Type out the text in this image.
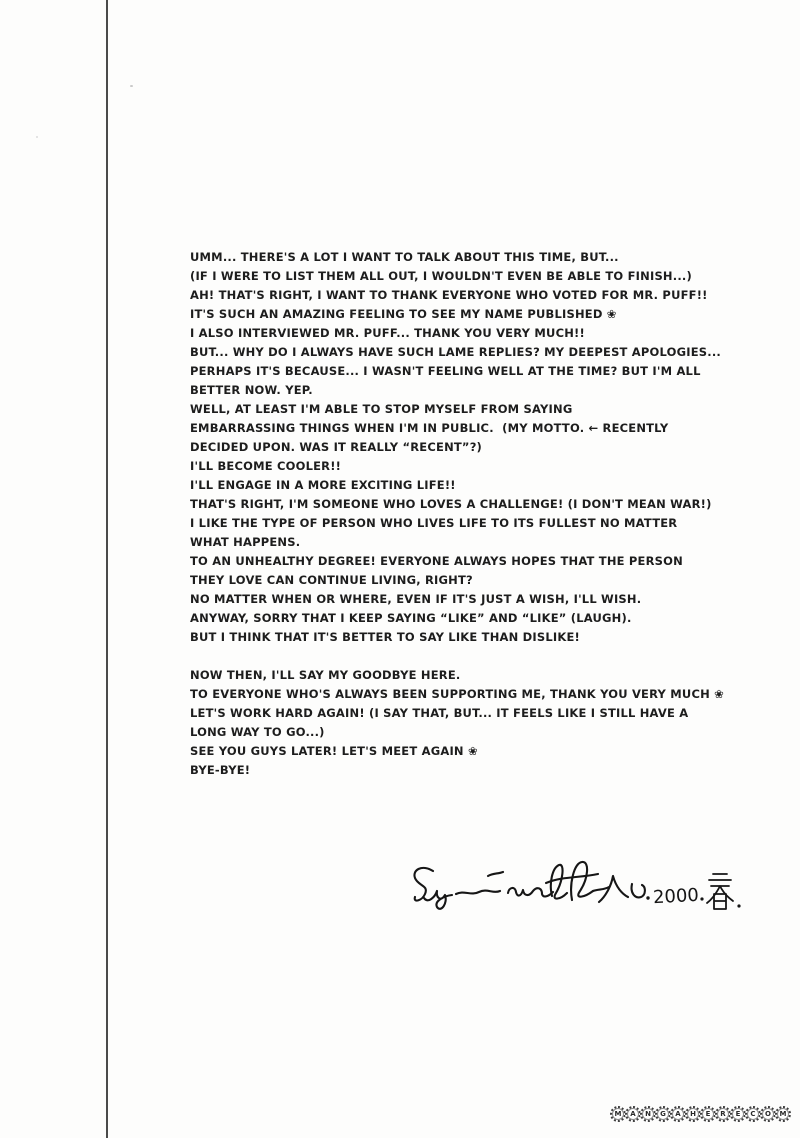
UMM... THERE'S A LOT I WANT TO TALK ABOUT THIS TIME, BUT...
(IF I WERE TO LIST THEM ALL OUT, I WOULDN'T EVEN BE ABLE TO FINISH...)
AH! THAT'S RIGHT, I WANT TO THANK EVERYONE WHO VOTED FOR MR. PUFF!!
IT'S SUCH AN AMAZING FEELING TO SEE MY NAME PUBLISHED ❀
I ALSO INTERVIEWED MR. PUFF... THANK YOU VERY MUCH!!
BUT... WHY DO I ALWAYS HAVE SUCH LAME REPLIES? MY DEEPEST APOLOGIES...
PERHAPS IT'S BECAUSE... I WASN'T FEELING WELL AT THE TIME? BUT I'M ALL
BETTER NOW. YEP.
WELL, AT LEAST I'M ABLE TO STOP MYSELF FROM SAYING
EMBARRASSING THINGS WHEN I'M IN PUBLIC.  (MY MOTTO. ← RECENTLY
DECIDED UPON. WAS IT REALLY “RECENT”?)
I'LL BECOME COOLER!!
I'LL ENGAGE IN A MORE EXCITING LIFE!!
THAT'S RIGHT, I'M SOMEONE WHO LOVES A CHALLENGE! (I DON'T MEAN WAR!)
I LIKE THE TYPE OF PERSON WHO LIVES LIFE TO ITS FULLEST NO MATTER
WHAT HAPPENS.
TO AN UNHEALTHY DEGREE! EVERYONE ALWAYS HOPES THAT THE PERSON
THEY LOVE CAN CONTINUE LIVING, RIGHT?
NO MATTER WHEN OR WHERE, EVEN IF IT'S JUST A WISH, I'LL WISH.
ANYWAY, SORRY THAT I KEEP SAYING “LIKE” AND “LIKE” (LAUGH).
BUT I THINK THAT IT'S BETTER TO SAY LIKE THAN DISLIKE!
NOW THEN, I'LL SAY MY GOODBYE HERE.
TO EVERYONE WHO'S ALWAYS BEEN SUPPORTING ME, THANK YOU VERY MUCH ❀
LET'S WORK HARD AGAIN! (I SAY THAT, BUT... IT FEELS LIKE I STILL HAVE A
LONG WAY TO GO...)
SEE YOU GUYS LATER! LET'S MEET AGAIN ❀
BYE-BYE!
2000
M	A	N	G	A	H	E	R	E	C	O	M
